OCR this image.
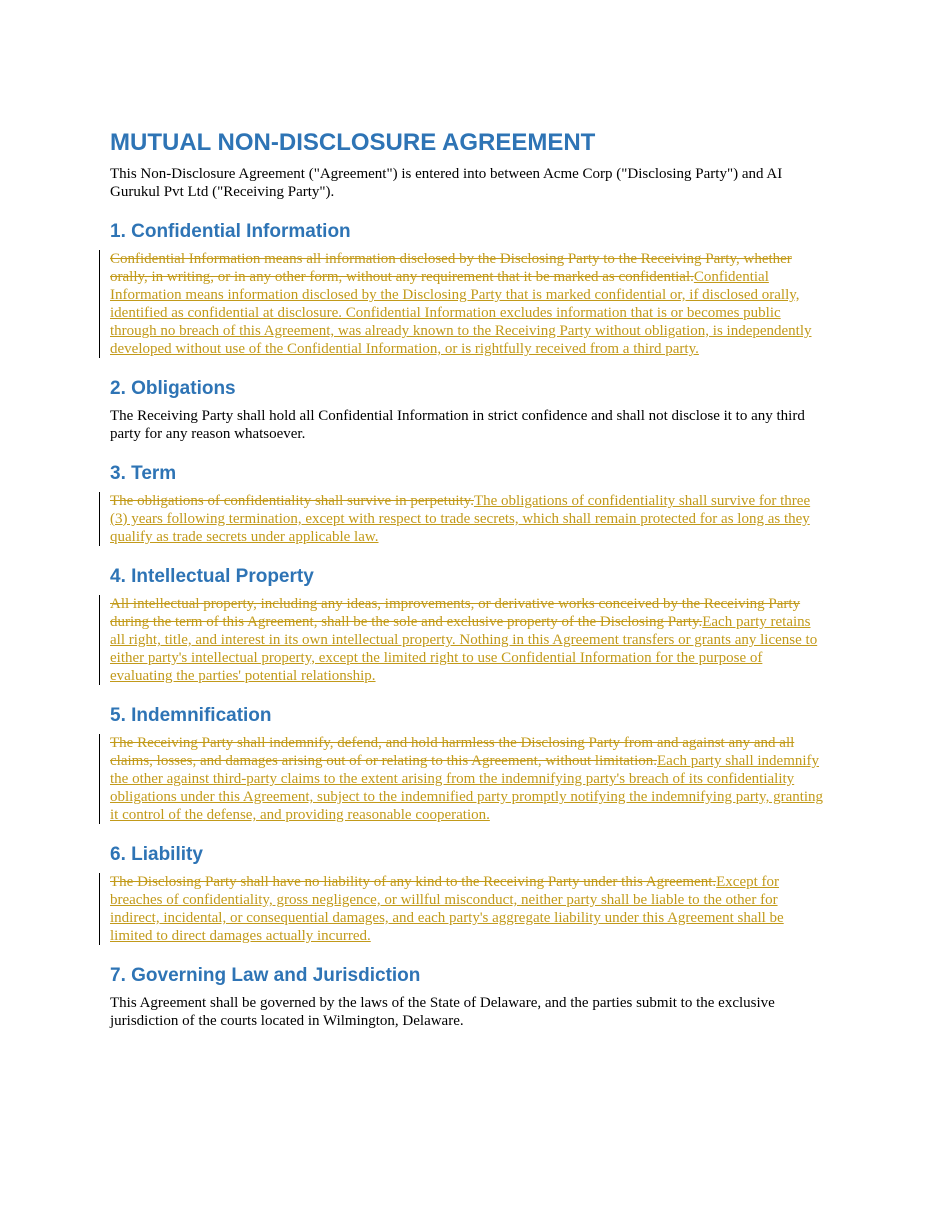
MUTUAL NON-DISCLOSURE AGREEMENT

This Non-Disclosure Agreement ("Agreement") is entered into between Acme Corp ("Disclosing Party") and AI Gurukul Pvt Ltd ("Receiving Party").

1. Confidential Information

Confidential Information means all information disclosed by the Disclosing Party to the Receiving Party, whether orally, in writing, or in any other form, without any requirement that it be marked as confidential.Confidential Information means information disclosed by the Disclosing Party that is marked confidential or, if disclosed orally, identified as confidential at disclosure. Confidential Information excludes information that is or becomes public through no breach of this Agreement, was already known to the Receiving Party without obligation, is independently developed without use of the Confidential Information, or is rightfully received from a third party.

2. Obligations

The Receiving Party shall hold all Confidential Information in strict confidence and shall not disclose it to any third party for any reason whatsoever.

3. Term

The obligations of confidentiality shall survive in perpetuity.The obligations of confidentiality shall survive for three (3) years following termination, except with respect to trade secrets, which shall remain protected for as long as they qualify as trade secrets under applicable law.

4. Intellectual Property

All intellectual property, including any ideas, improvements, or derivative works conceived by the Receiving Party during the term of this Agreement, shall be the sole and exclusive property of the Disclosing Party.Each party retains all right, title, and interest in its own intellectual property. Nothing in this Agreement transfers or grants any license to either party's intellectual property, except the limited right to use Confidential Information for the purpose of evaluating the parties' potential relationship.

5. Indemnification

The Receiving Party shall indemnify, defend, and hold harmless the Disclosing Party from and against any and all claims, losses, and damages arising out of or relating to this Agreement, without limitation.Each party shall indemnify the other against third-party claims to the extent arising from the indemnifying party's breach of its confidentiality obligations under this Agreement, subject to the indemnified party promptly notifying the indemnifying party, granting it control of the defense, and providing reasonable cooperation.

6. Liability

The Disclosing Party shall have no liability of any kind to the Receiving Party under this Agreement.Except for breaches of confidentiality, gross negligence, or willful misconduct, neither party shall be liable to the other for indirect, incidental, or consequential damages, and each party's aggregate liability under this Agreement shall be limited to direct damages actually incurred.

7. Governing Law and Jurisdiction

This Agreement shall be governed by the laws of the State of Delaware, and the parties submit to the exclusive jurisdiction of the courts located in Wilmington, Delaware.
